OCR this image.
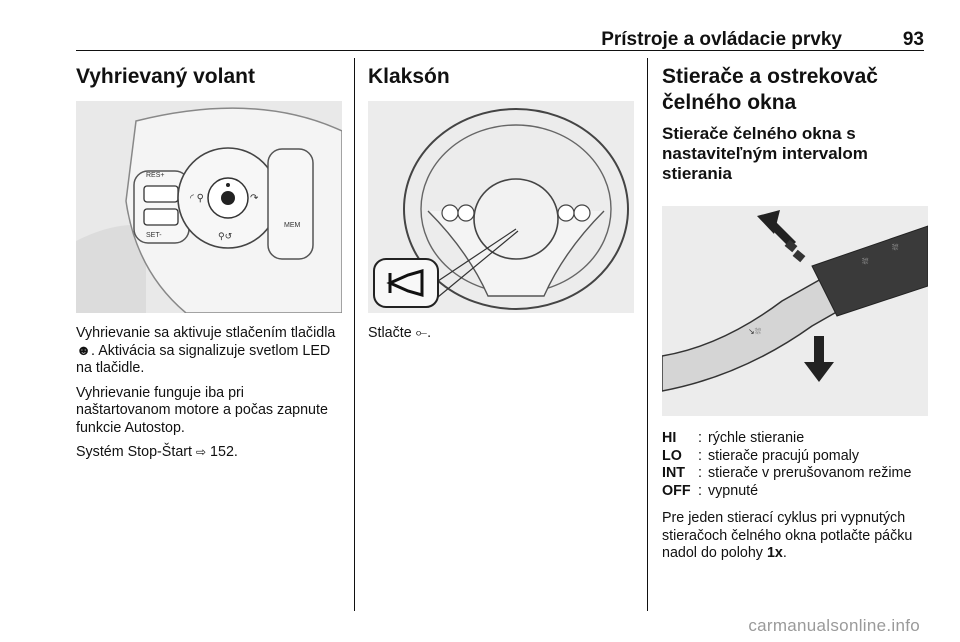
Prístroje a ovládacie prvky	93
Vyhrievaný volant
RES+
SET-
◜ ⚲	↷
⚲↺
MEM

Vyhrievanie sa aktivuje stlačením tlačidla ☻. Aktivácia sa signalizuje svetlom LED na tlačidle.

Vyhrievanie funguje iba pri naštartovanom motore a počas zapnute funkcie Autostop.

Systém Stop-Štart ⇨ 152.

Klaksón

Stlačte ⟜.

Stierače a ostrekovač čelného okna
Stierače čelného okna s nastaviteľným intervalom stierania
⛆
⛆
↘⛆
HI	: rýchle stieranie
LO	: stierače pracujú pomaly
INT : stierače v prerušovanom režime
OFF : vypnuté

Pre jeden stierací cyklus pri vypnutých stieračoch čelného okna potlačte páčku nadol do polohy 1x.

carmanualsonline.info
